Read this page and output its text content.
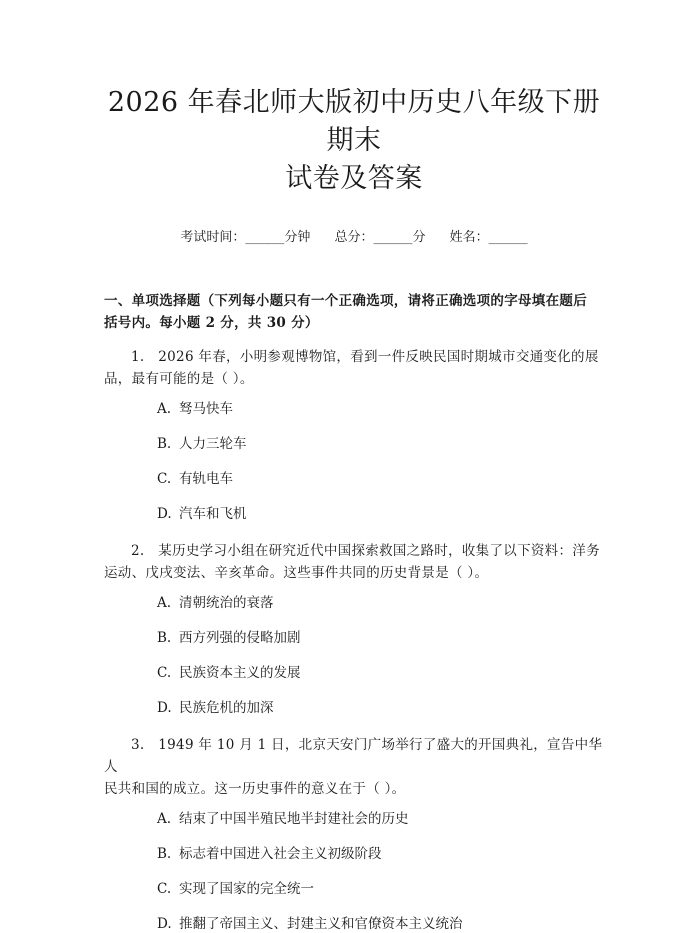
2026 年春北师大版初中历史八年级下册期末
试卷及答案
考试时间：______分钟 总分：______分 姓名：______
一、单项选择题（下列每小题只有一个正确选项，请将正确选项的字母填在题后
括号内。每小题 2 分，共 30 分）
1.　2026 年春，小明参观博物馆，看到一件反映民国时期城市交通变化的展
品，最有可能的是（ ）。
A. 驽马快车
B. 人力三轮车
C. 有轨电车
D. 汽车和飞机
2.　某历史学习小组在研究近代中国探索救国之路时，收集了以下资料：洋务
运动、戊戌变法、辛亥革命。这些事件共同的历史背景是（ ）。
A. 清朝统治的衰落
B. 西方列强的侵略加剧
C. 民族资本主义的发展
D. 民族危机的加深
3.　1949 年 10 月 1 日，北京天安门广场举行了盛大的开国典礼，宣告中华人
民共和国的成立。这一历史事件的意义在于（ ）。
A. 结束了中国半殖民地半封建社会的历史
B. 标志着中国进入社会主义初级阶段
C. 实现了国家的完全统一
D. 推翻了帝国主义、封建主义和官僚资本主义统治
